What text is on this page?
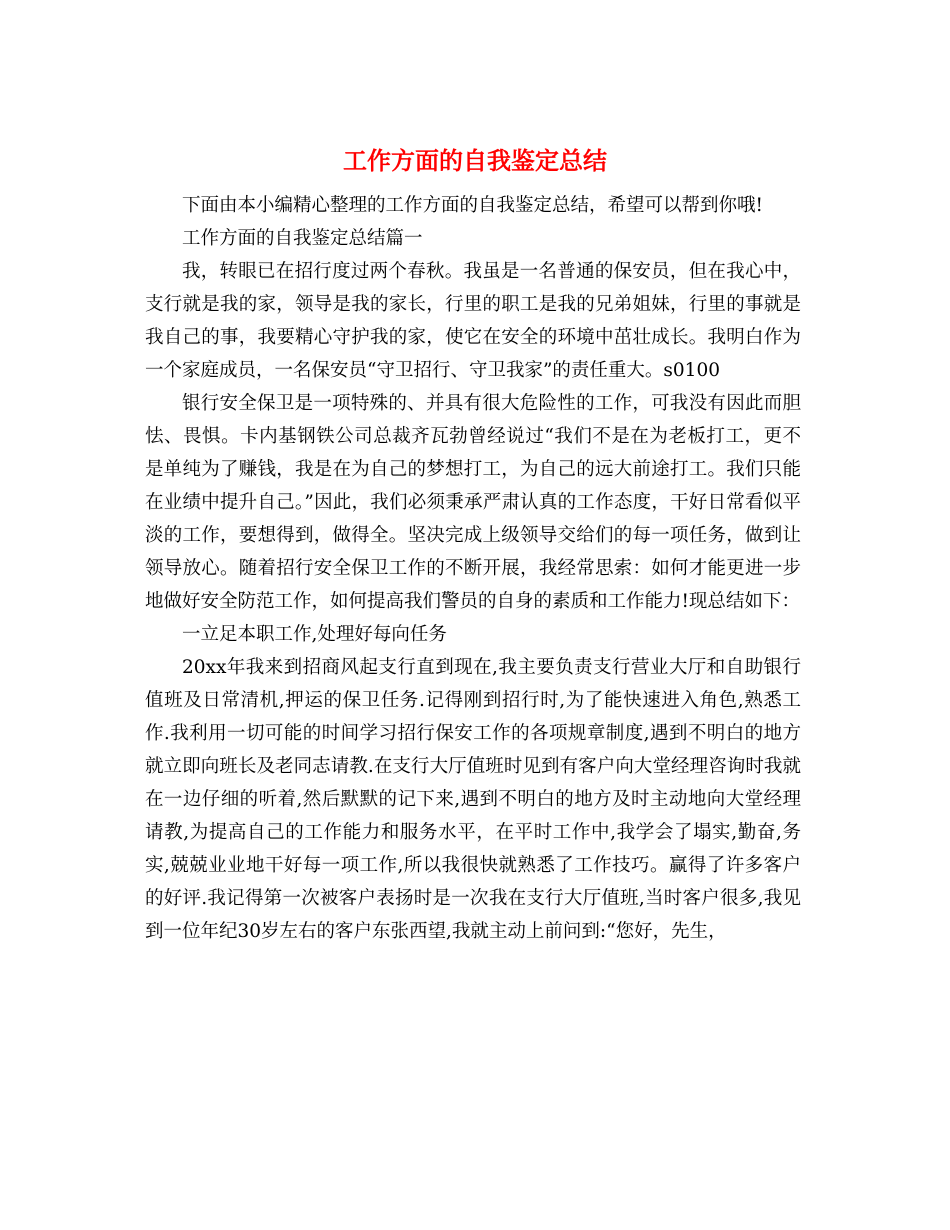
工作方面的自我鉴定总结

下面由本小编精心整理的工作方面的自我鉴定总结，希望可以帮到你哦!

工作方面的自我鉴定总结篇一

我，转眼已在招行度过两个春秋。我虽是一名普通的保安员，但在我心中，支行就是我的家，领导是我的家长，行里的职工是我的兄弟姐妹，行里的事就是我自己的事，我要精心守护我的家，使它在安全的环境中茁壮成长。我明白作为一个家庭成员，一名保安员“守卫招行、守卫我家”的责任重大。s0100

银行安全保卫是一项特殊的、并具有很大危险性的工作，可我没有因此而胆怯、畏惧。卡内基钢铁公司总裁齐瓦勃曾经说过“我们不是在为老板打工，更不是单纯为了赚钱，我是在为自己的梦想打工，为自己的远大前途打工。我们只能在业绩中提升自己。”因此，我们必须秉承严肃认真的工作态度，干好日常看似平淡的工作，要想得到，做得全。坚决完成上级领导交给们的每一项任务，做到让领导放心。随着招行安全保卫工作的不断开展，我经常思索：如何才能更进一步地做好安全防范工作，如何提高我们警员的自身的素质和工作能力!现总结如下：

一立足本职工作,处理好每向任务

20xx年我来到招商风起支行直到现在,我主要负责支行营业大厅和自助银行值班及日常清机,押运的保卫任务.记得刚到招行时,为了能快速进入角色,熟悉工作.我利用一切可能的时间学习招行保安工作的各项规章制度,遇到不明白的地方就立即向班长及老同志请教.在支行大厅值班时见到有客户向大堂经理咨询时我就在一边仔细的听着,然后默默的记下来,遇到不明白的地方及时主动地向大堂经理请教,为提高自己的工作能力和服务水平，在平时工作中,我学会了塌实,勤奋,务实,兢兢业业地干好每一项工作,所以我很快就熟悉了工作技巧。赢得了许多客户的好评.我记得第一次被客户表扬时是一次我在支行大厅值班,当时客户很多,我见到一位年纪30岁左右的客户东张西望,我就主动上前问到:“您好，先生，
